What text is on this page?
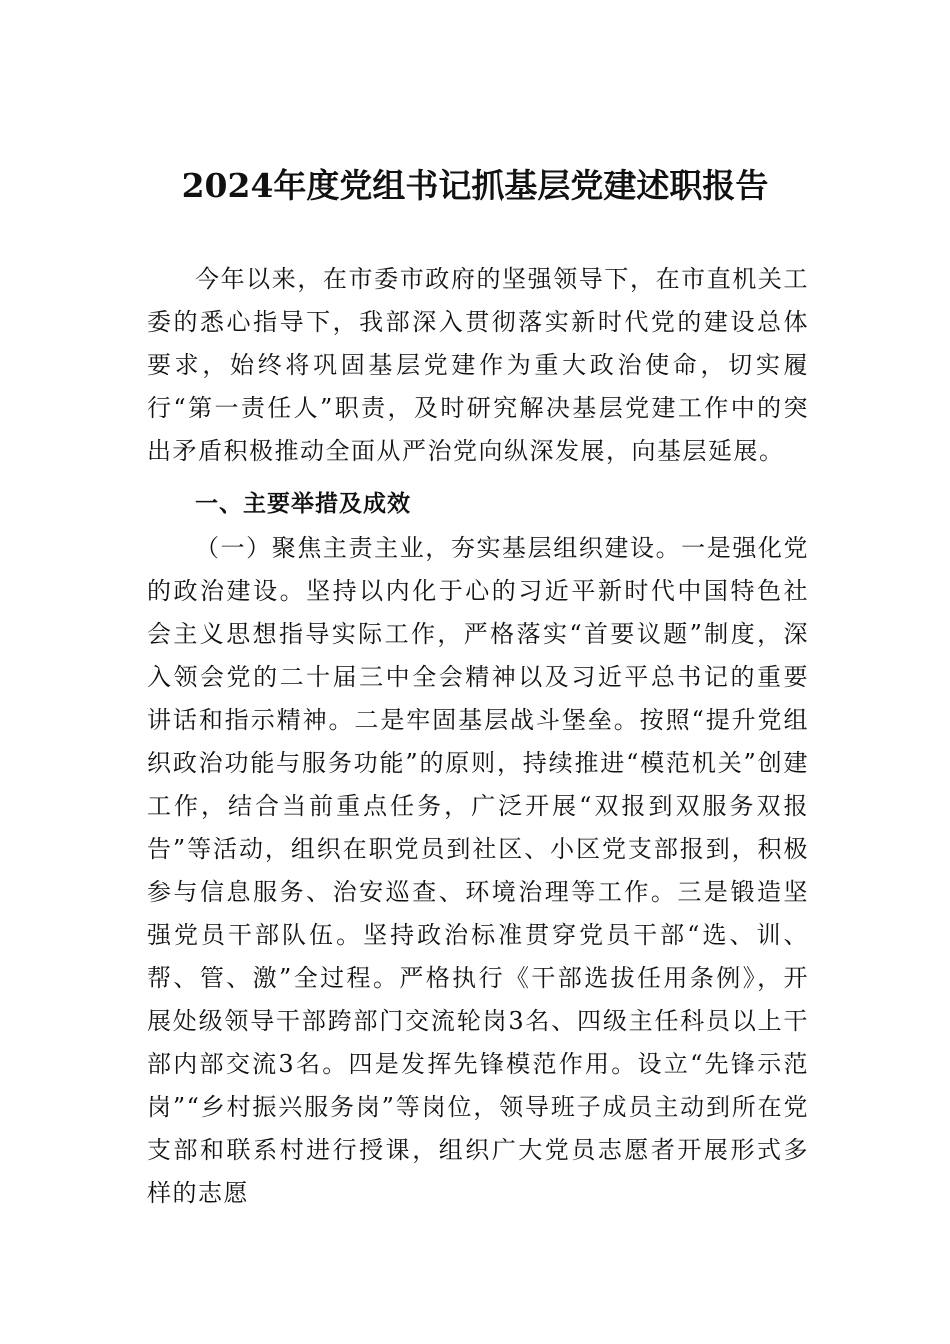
2024年度党组书记抓基层党建述职报告

今年以来，在市委市政府的坚强领导下，在市直机关工委的悉心指导下，我部深入贯彻落实新时代党的建设总体要求，始终将巩固基层党建作为重大政治使命，切实履行“第一责任人”职责，及时研究解决基层党建工作中的突出矛盾积极推动全面从严治党向纵深发展，向基层延展。

一、主要举措及成效

（一）聚焦主责主业，夯实基层组织建设。一是强化党的政治建设。坚持以内化于心的习近平新时代中国特色社会主义思想指导实际工作，严格落实“首要议题”制度，深入领会党的二十届三中全会精神以及习近平总书记的重要讲话和指示精神。二是牢固基层战斗堡垒。按照“提升党组织政治功能与服务功能”的原则，持续推进“模范机关”创建工作，结合当前重点任务，广泛开展“双报到双服务双报告”等活动，组织在职党员到社区、小区党支部报到，积极参与信息服务、治安巡查、环境治理等工作。三是锻造坚强党员干部队伍。坚持政治标准贯穿党员干部“选、训、帮、管、激”全过程。严格执行《干部选拔任用条例》，开展处级领导干部跨部门交流轮岗3名、四级主任科员以上干部内部交流3名。四是发挥先锋模范作用。设立“先锋示范岗”“乡村振兴服务岗”等岗位，领导班子成员主动到所在党支部和联系村进行授课，组织广大党员志愿者开展形式多样的志愿
